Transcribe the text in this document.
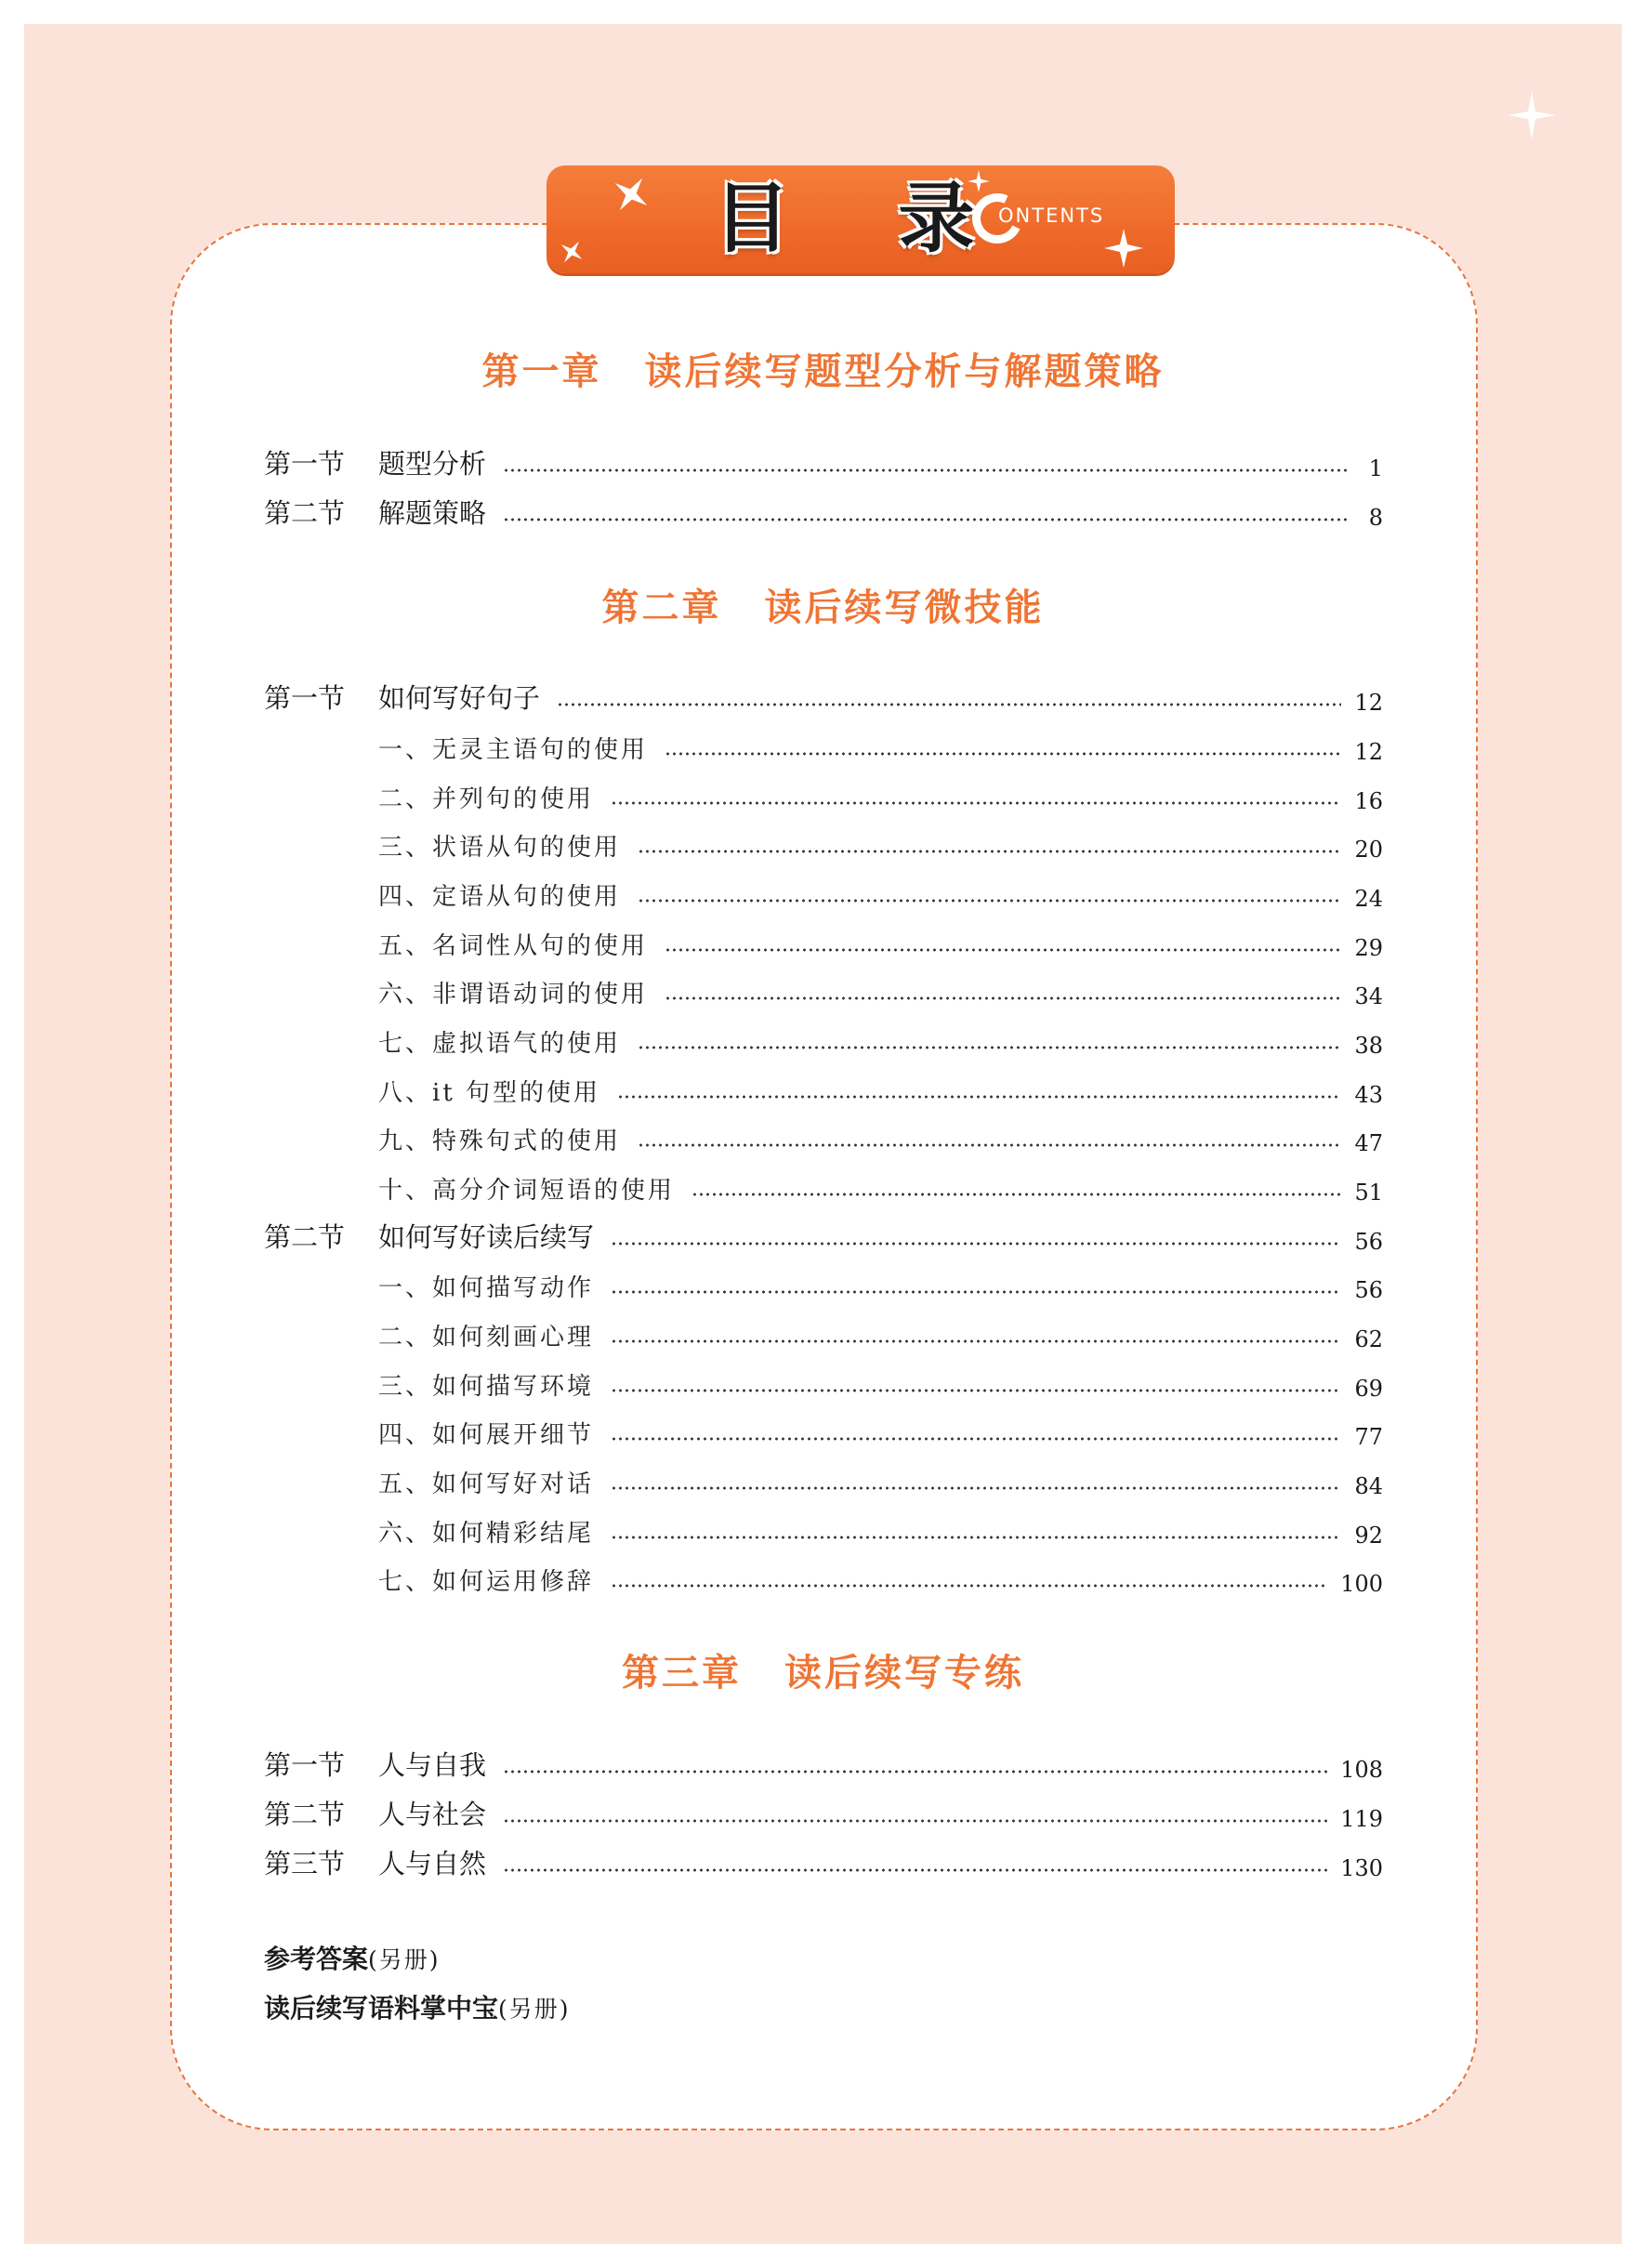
目 录
ONTENTS
第一章 读后续写题型分析与解题策略
第一节	题型分析	1
第二节	解题策略	8
第二章 读后续写微技能
第一节	如何写好句子	12
一、无灵主语句的使用	12
二、并列句的使用	16
三、状语从句的使用	20
四、定语从句的使用	24
五、名词性从句的使用	29
六、非谓语动词的使用	34
七、虚拟语气的使用	38
八、it 句型的使用	43
九、特殊句式的使用	47
十、高分介词短语的使用	51
第二节	如何写好读后续写	56
一、如何描写动作	56
二、如何刻画心理	62
三、如何描写环境	69
四、如何展开细节	77
五、如何写好对话	84
六、如何精彩结尾	92
七、如何运用修辞	100
第三章 读后续写专练
第一节	人与自我	108
第二节	人与社会	119
第三节	人与自然	130
参考答案(另册)
读后续写语料掌中宝(另册)
